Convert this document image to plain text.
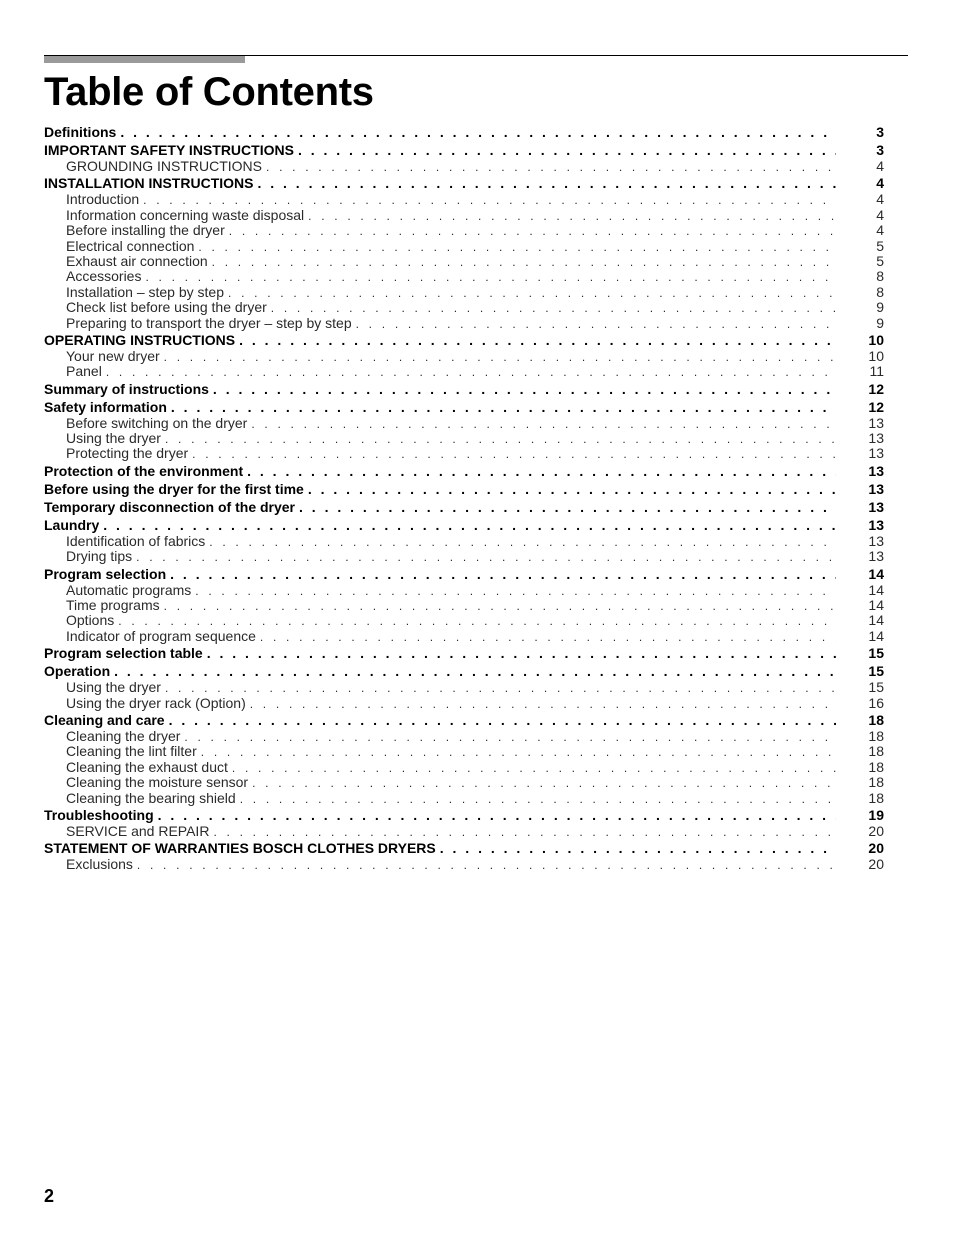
Table of Contents
Definitions . . .	3
IMPORTANT SAFETY INSTRUCTIONS . . .	3
GROUNDING INSTRUCTIONS . . .	4
INSTALLATION INSTRUCTIONS . . .	4
Introduction . . .	4
Information concerning waste disposal . . .	4
Before installing the dryer . . .	4
Electrical connection . . .	5
Exhaust air connection . . .	5
Accessories . . .	8
Installation – step by step . . .	8
Check list before using the dryer . . .	9
Preparing to transport the dryer – step by step . . .	9
OPERATING INSTRUCTIONS . . .	10
Your new dryer . . .	10
Panel . . .	11
Summary of instructions . . .	12
Safety information . . .	12
Before switching on the dryer . . .	13
Using the dryer . . .	13
Protecting the dryer . . .	13
Protection of the environment . . .	13
Before using the dryer for the first time . . .	13
Temporary disconnection of the dryer . . .	13
Laundry . . .	13
Identification of fabrics . . .	13
Drying tips . . .	13
Program selection . . .	14
Automatic programs . . .	14
Time programs . . .	14
Options . . .	14
Indicator of program sequence . . .	14
Program selection table . . .	15
Operation . . .	15
Using the dryer . . .	15
Using the dryer rack (Option) . . .	16
Cleaning and care . . .	18
Cleaning the dryer . . .	18
Cleaning the lint filter . . .	18
Cleaning the exhaust duct . . .	18
Cleaning the moisture sensor . . .	18
Cleaning the bearing shield . . .	18
Troubleshooting . . .	19
SERVICE and REPAIR . . .	20
STATEMENT OF WARRANTIES BOSCH CLOTHES DRYERS . . .	20
Exclusions . . .	20
2
